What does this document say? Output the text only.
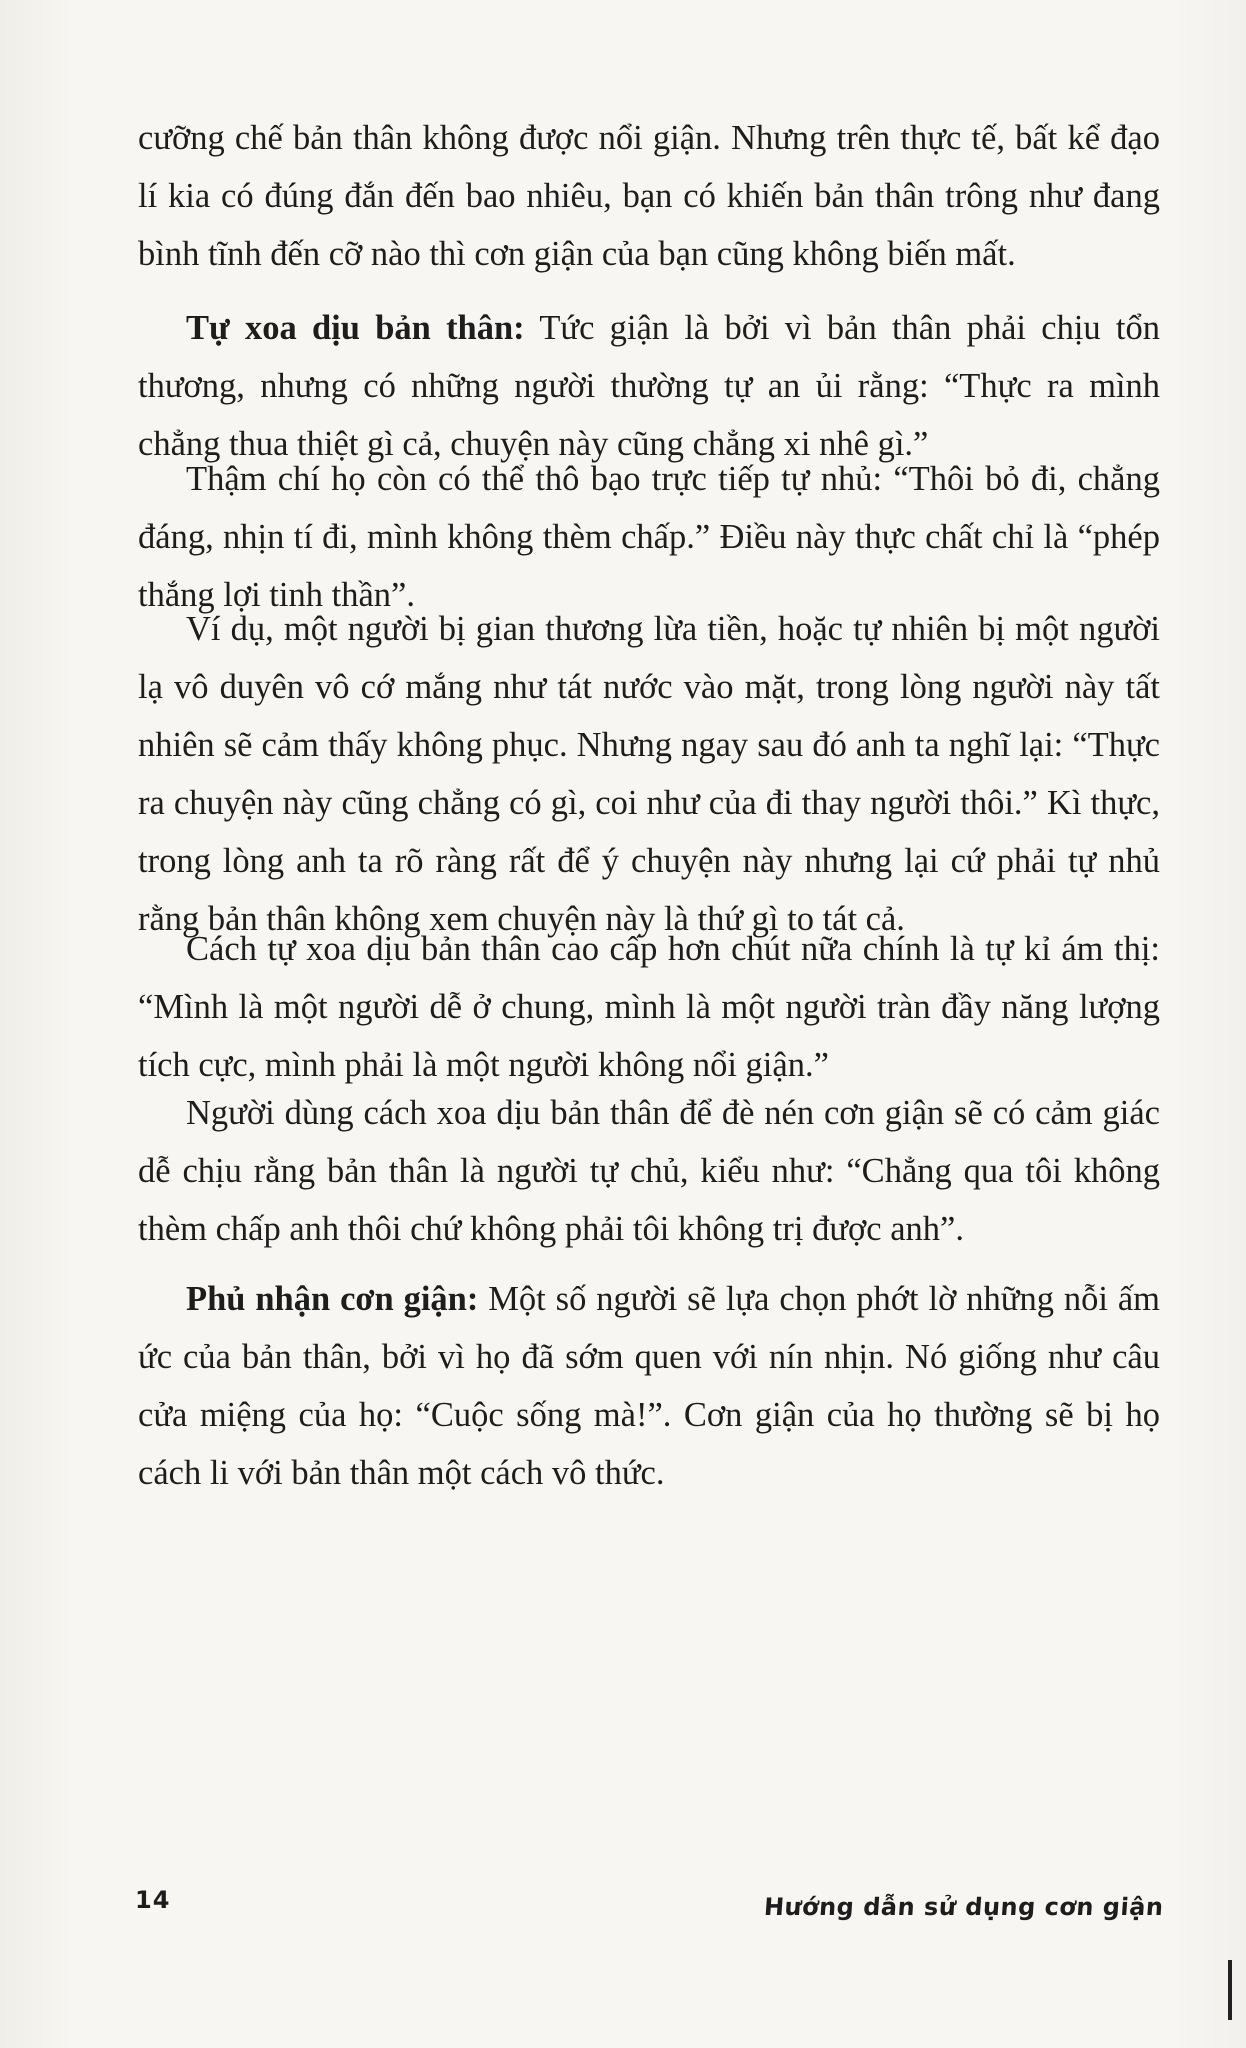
cưỡng chế bản thân không được nổi giận. Nhưng trên thực tế, bất kể đạo lí kia có đúng đắn đến bao nhiêu, bạn có khiến bản thân trông như đang bình tĩnh đến cỡ nào thì cơn giận của bạn cũng không biến mất.

Tự xoa dịu bản thân: Tức giận là bởi vì bản thân phải chịu tổn thương, nhưng có những người thường tự an ủi rằng: “Thực ra mình chẳng thua thiệt gì cả, chuyện này cũng chẳng xi nhê gì.”

Thậm chí họ còn có thể thô bạo trực tiếp tự nhủ: “Thôi bỏ đi, chẳng đáng, nhịn tí đi, mình không thèm chấp.” Điều này thực chất chỉ là “phép thắng lợi tinh thần”.

Ví dụ, một người bị gian thương lừa tiền, hoặc tự nhiên bị một người lạ vô duyên vô cớ mắng như tát nước vào mặt, trong lòng người này tất nhiên sẽ cảm thấy không phục. Nhưng ngay sau đó anh ta nghĩ lại: “Thực ra chuyện này cũng chẳng có gì, coi như của đi thay người thôi.” Kì thực, trong lòng anh ta rõ ràng rất để ý chuyện này nhưng lại cứ phải tự nhủ rằng bản thân không xem chuyện này là thứ gì to tát cả.

Cách tự xoa dịu bản thân cao cấp hơn chút nữa chính là tự kỉ ám thị: “Mình là một người dễ ở chung, mình là một người tràn đầy năng lượng tích cực, mình phải là một người không nổi giận.”

Người dùng cách xoa dịu bản thân để đè nén cơn giận sẽ có cảm giác dễ chịu rằng bản thân là người tự chủ, kiểu như: “Chẳng qua tôi không thèm chấp anh thôi chứ không phải tôi không trị được anh”.

Phủ nhận cơn giận: Một số người sẽ lựa chọn phớt lờ những nỗi ấm ức của bản thân, bởi vì họ đã sớm quen với nín nhịn. Nó giống như câu cửa miệng của họ: “Cuộc sống mà!”. Cơn giận của họ thường sẽ bị họ cách li với bản thân một cách vô thức.

14	Hướng dẫn sử dụng cơn giận
